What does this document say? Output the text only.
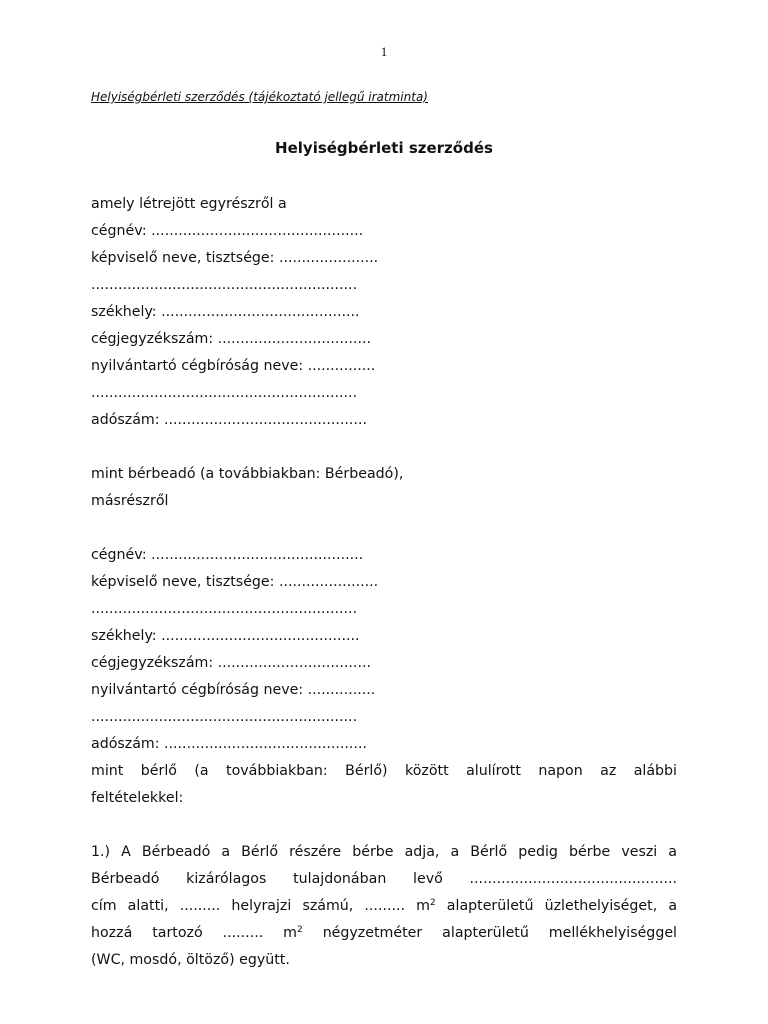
1
Helyiségbérleti szerződés (tájékoztató jellegű iratminta)
Helyiségbérleti szerződés
amely létrejött egyrészről a
cégnév: ...............................................
képviselő neve, tisztsége: ......................
...........................................................
székhely: ............................................
cégjegyzékszám: ..................................
nyilvántartó cégbíróság neve: ...............
...........................................................
adószám: .............................................
mint bérbeadó (a továbbiakban: Bérbeadó),
másrészről
cégnév: ...............................................
képviselő neve, tisztsége: ......................
...........................................................
székhely: ............................................
cégjegyzékszám: ..................................
nyilvántartó cégbíróság neve: ...............
...........................................................
adószám: .............................................
mint bérlő (a továbbiakban: Bérlő) között alulírott napon az alábbi
feltételekkel:
1.) A Bérbeadó a Bérlő részére bérbe adja, a Bérlő pedig bérbe veszi a
Bérbeadó kizárólagos tulajdonában levő ..............................................
cím alatti, ......... helyrajzi számú, ......... $m^2$ alapterületű üzlethelyiséget, a
hozzá tartozó ......... $m^2$ négyzetméter alapterületű mellékhelyiséggel
(WC, mosdó, öltöző) együtt.
